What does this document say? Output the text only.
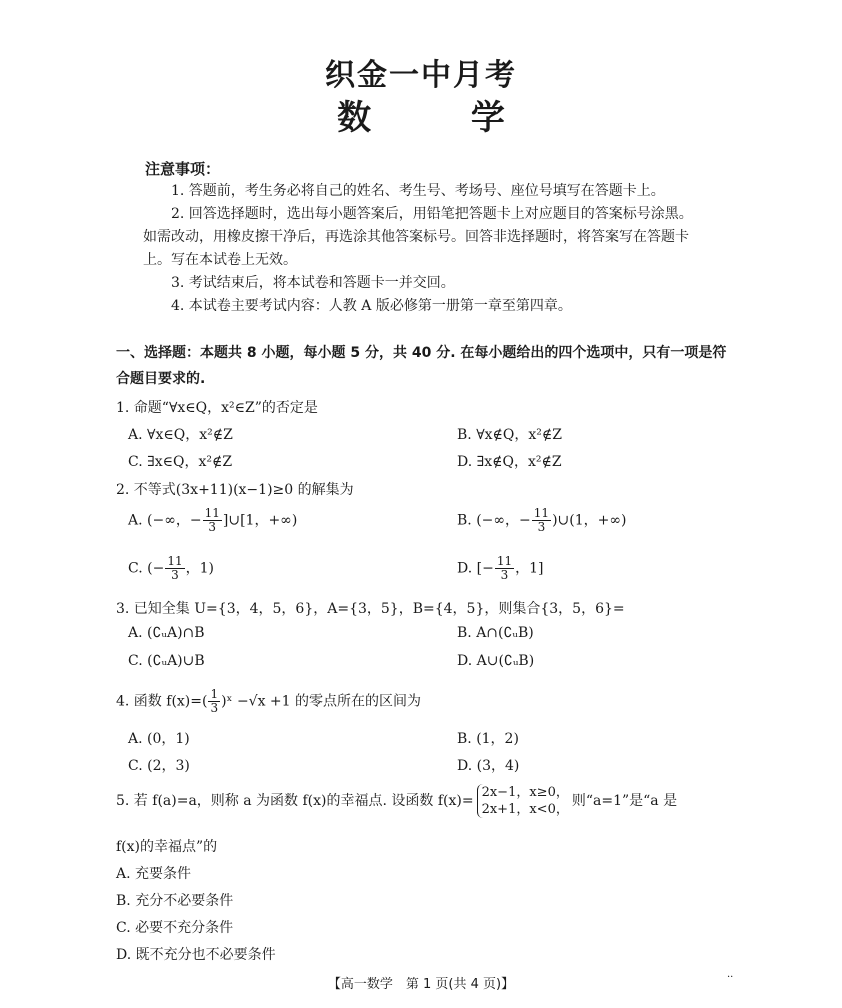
织金一中月考
数 学
注意事项：
1. 答题前，考生务必将自己的姓名、考生号、考场号、座位号填写在答题卡上。
2. 回答选择题时，选出每小题答案后，用铅笔把答题卡上对应题目的答案标号涂黑。如需改动，用橡皮擦干净后，再选涂其他答案标号。回答非选择题时，将答案写在答题卡上。写在本试卷上无效。
3. 考试结束后，将本试卷和答题卡一并交回。
4. 本试卷主要考试内容：人教 A 版必修第一册第一章至第四章。
一、选择题：本题共 8 小题，每小题 5 分，共 40 分. 在每小题给出的四个选项中，只有一项是符合题目要求的.
1. 命题“∀x∈Q，x²∈Z”的否定是
A. ∀x∈Q，x²∉Z	B. ∀x∉Q，x²∉Z
C. ∃x∈Q，x²∉Z	D. ∃x∉Q，x²∉Z
2. 不等式(3x+11)(x−1)≥0 的解集为
A. (−∞，− $\frac{11}{3}$ ]∪[1，+∞)	B. (−∞，− $\frac{11}{3}$ )∪(1，+∞)
C. (− $\frac{11}{3}$ ，1)	D. [− $\frac{11}{3}$ ，1]
3. 已知全集 U={3，4，5，6}，A={3，5}，B={4，5}，则集合{3，5，6}=
A. (∁ᵤA)∩B	B. A∩(∁ᵤB)
C. (∁ᵤA)∪B	D. A∪(∁ᵤB)
4. 函数 $f(x)=( \frac{1}{3}$ )ˣ −√x +1 的零点所在的区间为
A. (0，1)	B. (1，2)
C. (2，3)	D. (3，4)
5. 若 f(a)=a，则称 a 为函数 f(x)的幸福点. 设函数 f(x)=
2x−1，x≥0，
2x+1，x<0，
则“a=1”是“a 是
f(x)的幸福点”的
A. 充要条件
B. 充分不必要条件
C. 必要不充分条件
D. 既不充分也不必要条件
【高一数学　第 1 页(共 4 页)】	··
